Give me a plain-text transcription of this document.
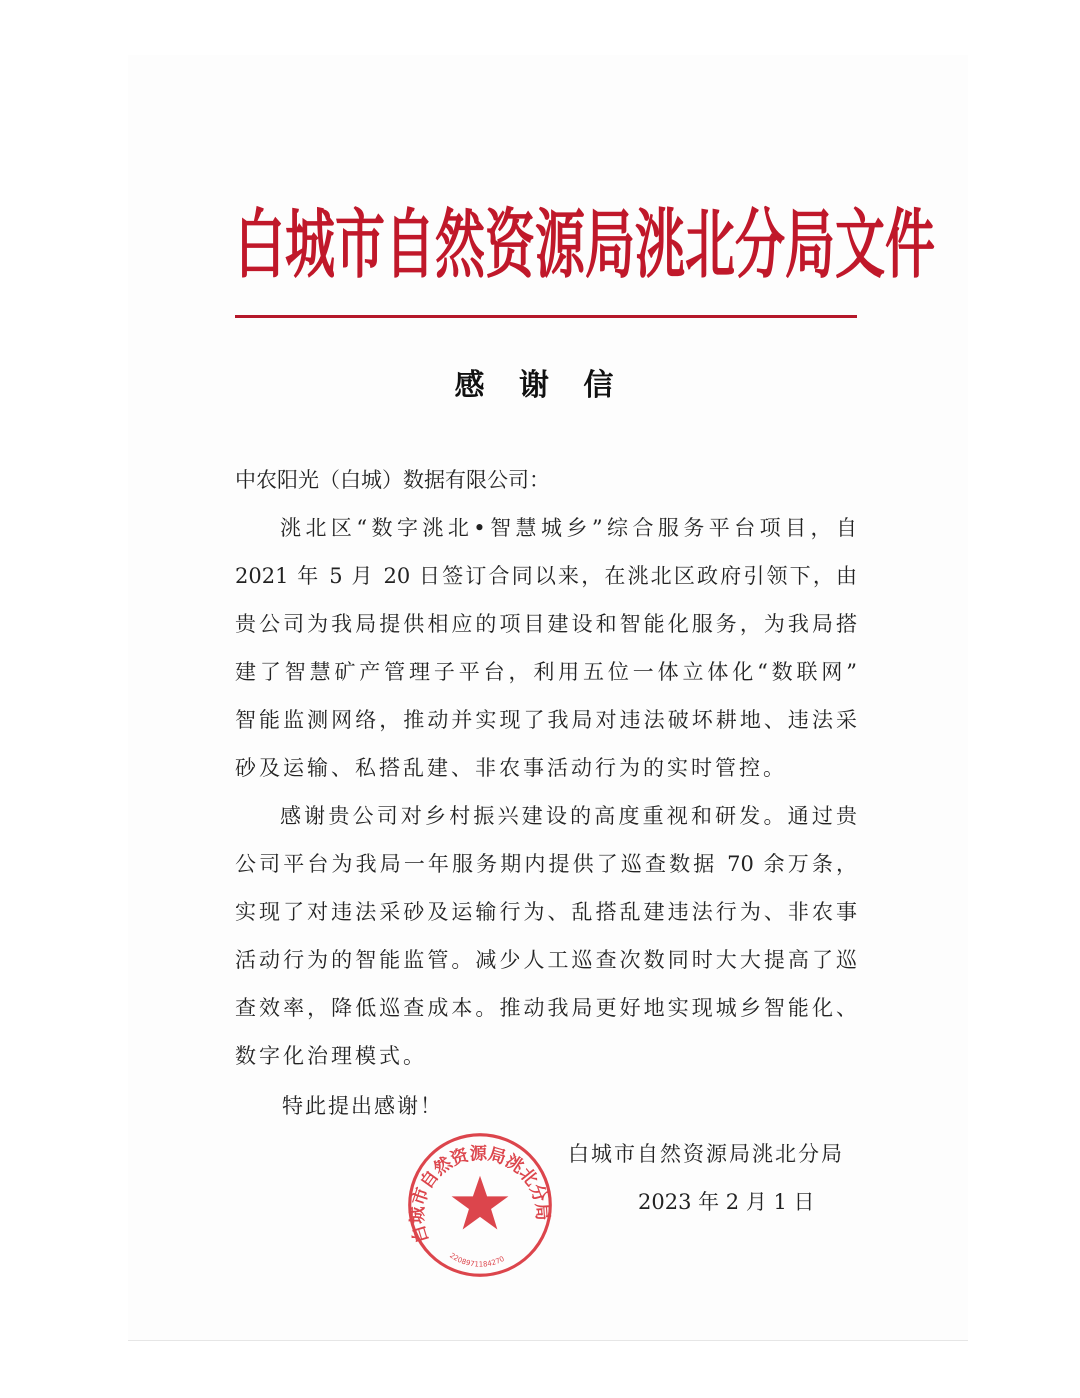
白城市自然资源局洮北分局文件
感 谢 信
中农阳光（白城）数据有限公司：
洮北区“数字洮北•智慧城乡”综合服务平台项目，自
2021 年 5 月 20 日签订合同以来，在洮北区政府引领下，由
贵公司为我局提供相应的项目建设和智能化服务，为我局搭
建了智慧矿产管理子平台，利用五位一体立体化“数联网”
智能监测网络，推动并实现了我局对违法破坏耕地、违法采
砂及运输、私搭乱建、非农事活动行为的实时管控。
感谢贵公司对乡村振兴建设的高度重视和研发。通过贵
公司平台为我局一年服务期内提供了巡查数据 70 余万条，
实现了对违法采砂及运输行为、乱搭乱建违法行为、非农事
活动行为的智能监管。减少人工巡查次数同时大大提高了巡
查效率，降低巡查成本。推动我局更好地实现城乡智能化、
数字化治理模式。
特此提出感谢！
白城市自然资源局洮北分局
2023 年 2 月 1 日
白城市自然资源局洮北分局
2208971184270
